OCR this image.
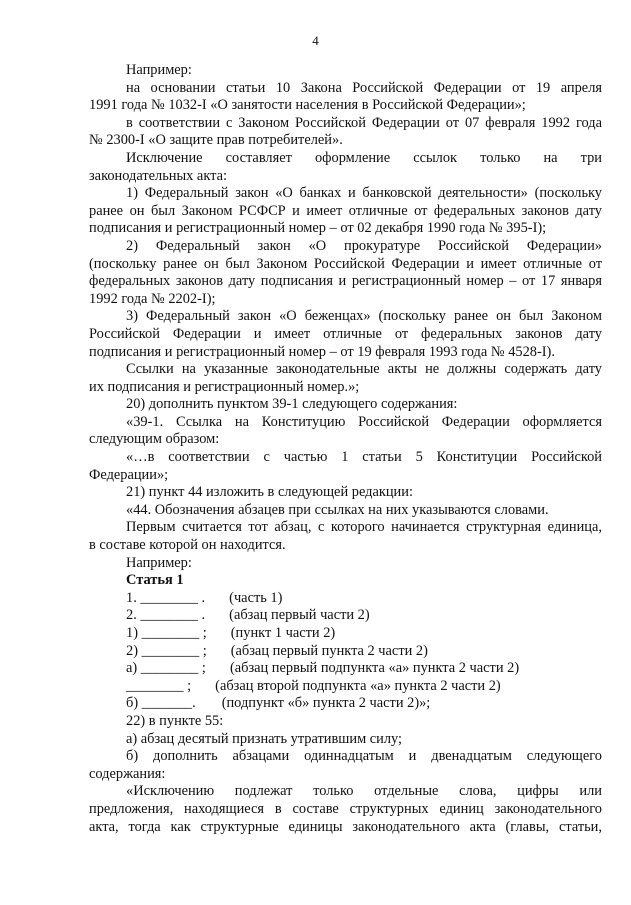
4
Например:
на основании статьи 10 Закона Российской Федерации от 19 апреля
1991 года № 1032-I «О занятости населения в Российской Федерации»;
в соответствии с Законом Российской Федерации от 07 февраля 1992 года
№ 2300-I «О защите прав потребителей».
Исключение составляет оформление ссылок только на три
законодательных акта:
1) Федеральный закон «О банках и банковской деятельности» (поскольку
ранее он был Законом РСФСР и имеет отличные от федеральных законов дату
подписания и регистрационный номер – от 02 декабря 1990 года № 395-I);
2) Федеральный закон «О прокуратуре Российской Федерации»
(поскольку ранее он был Законом Российской Федерации и имеет отличные от
федеральных законов дату подписания и регистрационный номер – от 17 января
1992 года № 2202-I);
3) Федеральный закон «О беженцах» (поскольку ранее он был Законом
Российской Федерации и имеет отличные от федеральных законов дату
подписания и регистрационный номер – от 19 февраля 1993 года № 4528-I).
Ссылки на указанные законодательные акты не должны содержать дату
их подписания и регистрационный номер.»;
20) дополнить пунктом 39-1 следующего содержания:
«39-1. Ссылка на Конституцию Российской Федерации оформляется
следующим образом:
«…в соответствии с частью 1 статьи 5 Конституции Российской
Федерации»;
21) пункт 44 изложить в следующей редакции:
«44. Обозначения абзацев при ссылках на них указываются словами.
Первым считается тот абзац, с которого начинается структурная единица,
в составе которой он находится.
Например:
Статья 1
1. ________ .	(часть 1)
2. ________ .	(абзац первый части 2)
1) ________ ;	(пункт 1 части 2)
2) ________ ;	(абзац первый пункта 2 части 2)
а) ________ ;	(абзац первый подпункта «а» пункта 2 части 2)
________ ;	(абзац второй подпункта «а» пункта 2 части 2)
б) _______.	(подпункт «б» пункта 2 части 2)»;
22) в пункте 55:
а) абзац десятый признать утратившим силу;
б) дополнить абзацами одиннадцатым и двенадцатым следующего
содержания:
«Исключению подлежат только отдельные слова, цифры или
предложения, находящиеся в составе структурных единиц законодательного
акта, тогда как структурные единицы законодательного акта (главы, статьи,
